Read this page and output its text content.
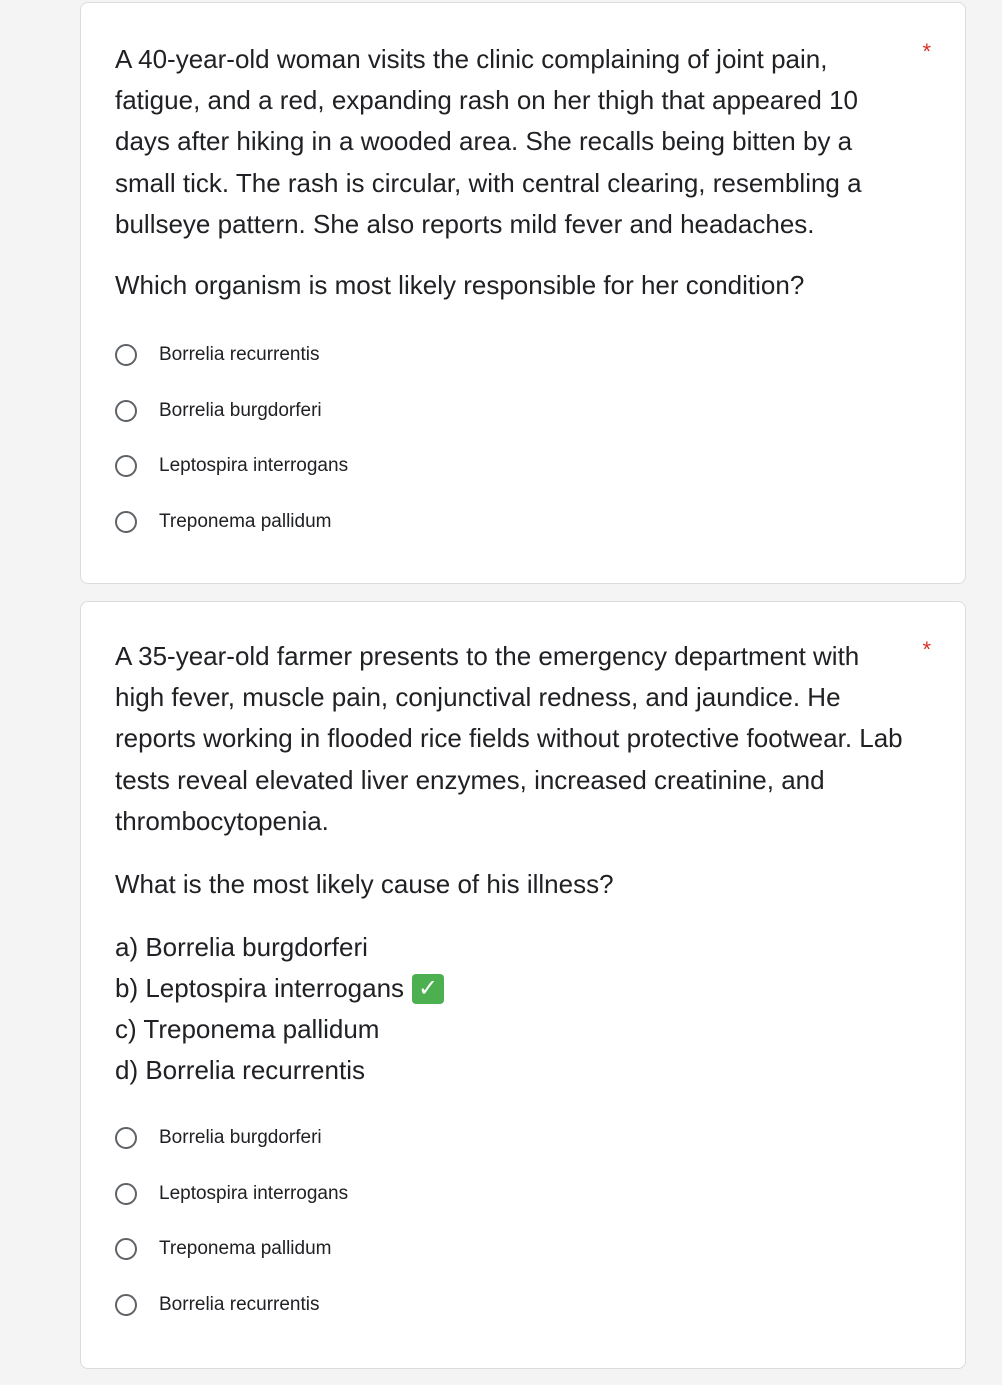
*

A 40-year-old woman visits the clinic complaining of joint pain, fatigue, and a red, expanding rash on her thigh that appeared 10 days after hiking in a wooded area. She recalls being bitten by a small tick. The rash is circular, with central clearing, resembling a bullseye pattern. She also reports mild fever and headaches.

Which organism is most likely responsible for her condition?

Borrelia recurrentis
Borrelia burgdorferi
Leptospira interrogans
Treponema pallidum
*

A 35-year-old farmer presents to the emergency department with high fever, muscle pain, conjunctival redness, and jaundice. He reports working in flooded rice fields without protective footwear. Lab tests reveal elevated liver enzymes, increased creatinine, and thrombocytopenia.

What is the most likely cause of his illness?

a) Borrelia burgdorferi
b) Leptospira interrogans ✓
c) Treponema pallidum
d) Borrelia recurrentis
Borrelia burgdorferi
Leptospira interrogans
Treponema pallidum
Borrelia recurrentis
